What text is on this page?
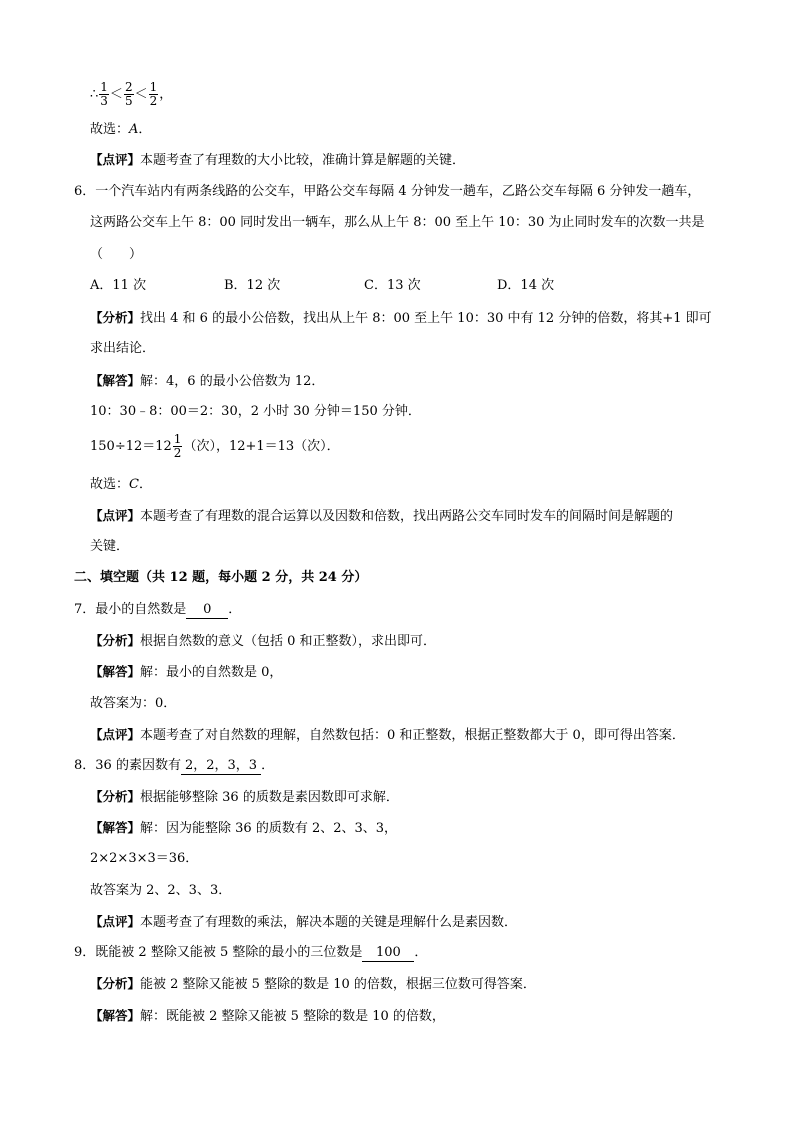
∴ $\frac{1}{3} < \frac{2}{5} < \frac{1}{2}$ ，
故选：A．
【点评】本题考查了有理数的大小比较，准确计算是解题的关键．
6．一个汽车站内有两条线路的公交车，甲路公交车每隔 4 分钟发一趟车，乙路公交车每隔 6 分钟发一趟车，
这两路公交车上午 8：00 同时发出一辆车，那么从上午 8：00 至上午 10：30 为止同时发车的次数一共是
（　　）
A．11 次	B．12 次	C．13 次	D．14 次
【分析】找出 4 和 6 的最小公倍数，找出从上午 8：00 至上午 10：30 中有 12 分钟的倍数，将其+1 即可
求出结论．
【解答】解：4，6 的最小公倍数为 12．
10：30﹣8：00＝2：30，2 小时 30 分钟＝150 分钟．
$150\div 12=12 \frac{1}{2}$ （次），12+1＝13（次）．
故选：C．
【点评】本题考查了有理数的混合运算以及因数和倍数，找出两路公交车同时发车的间隔时间是解题的
关键．
二、填空题（共 12 题，每小题 2 分，共 24 分）
7．最小的自然数是 0 ．
【分析】根据自然数的意义（包括 0 和正整数），求出即可．
【解答】解：最小的自然数是 0，
故答案为：0．
【点评】本题考查了对自然数的理解，自然数包括：0 和正整数，根据正整数都大于 0，即可得出答案．
8．36 的素因数有 2，2，3，3 ．
【分析】根据能够整除 36 的质数是素因数即可求解．
【解答】解：因为能整除 36 的质数有 2、2、3、3，
2×2×3×3＝36．
故答案为 2、2、3、3．
【点评】本题考查了有理数的乘法，解决本题的关键是理解什么是素因数．
9．既能被 2 整除又能被 5 整除的最小的三位数是 100 ．
【分析】能被 2 整除又能被 5 整除的数是 10 的倍数，根据三位数可得答案．
【解答】解：既能被 2 整除又能被 5 整除的数是 10 的倍数，
